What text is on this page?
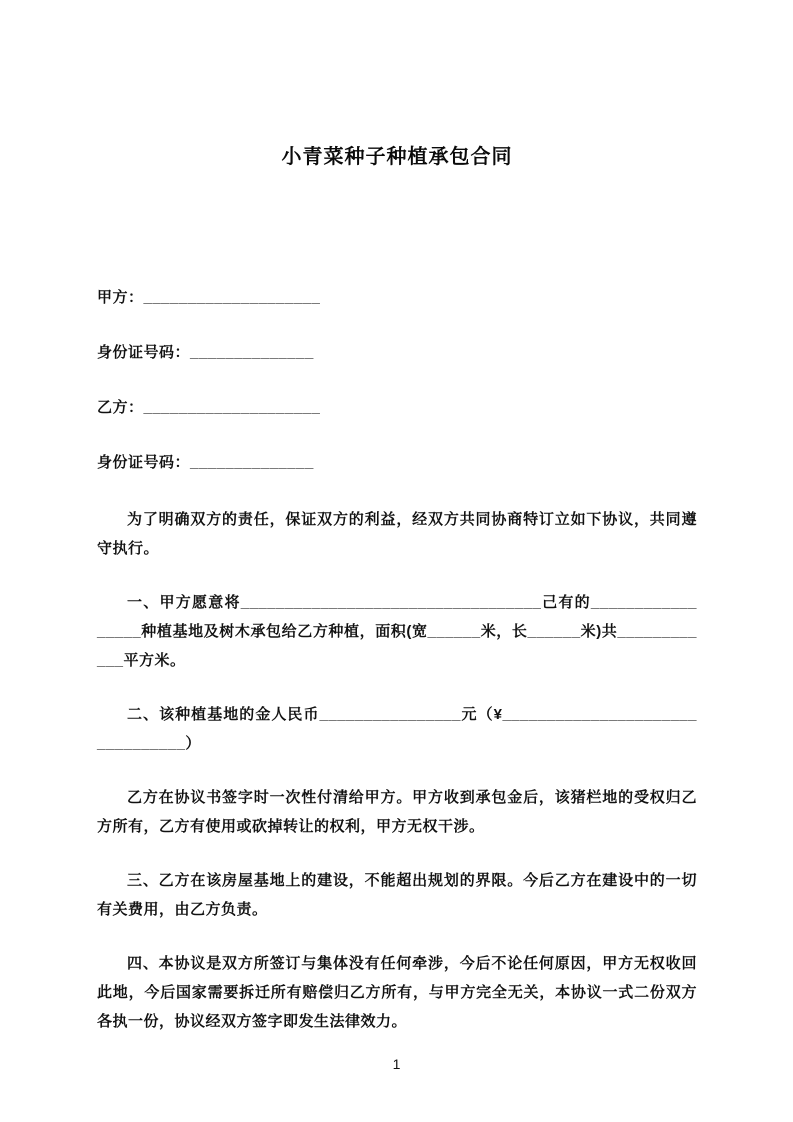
小青菜种子种植承包合同

甲方：____________________

身份证号码：______________

乙方：____________________

身份证号码：______________

为了明确双方的责任，保证双方的利益，经双方共同协商特订立如下协议，共同遵守执行。

一、甲方愿意将__________________________________己有的_________________种植基地及树木承包给乙方种植，面积(宽______米，长______米)共____________平方米。

二、该种植基地的金人民币________________元（¥________________________________）

乙方在协议书签字时一次性付清给甲方。甲方收到承包金后，该猪栏地的受权归乙方所有，乙方有使用或砍掉转让的权利，甲方无权干涉。

三、乙方在该房屋基地上的建设，不能超出规划的界限。今后乙方在建设中的一切有关费用，由乙方负责。

四、本协议是双方所签订与集体没有任何牵涉，今后不论任何原因，甲方无权收回此地，今后国家需要拆迁所有赔偿归乙方所有，与甲方完全无关，本协议一式二份双方各执一份，协议经双方签字即发生法律效力。

1
